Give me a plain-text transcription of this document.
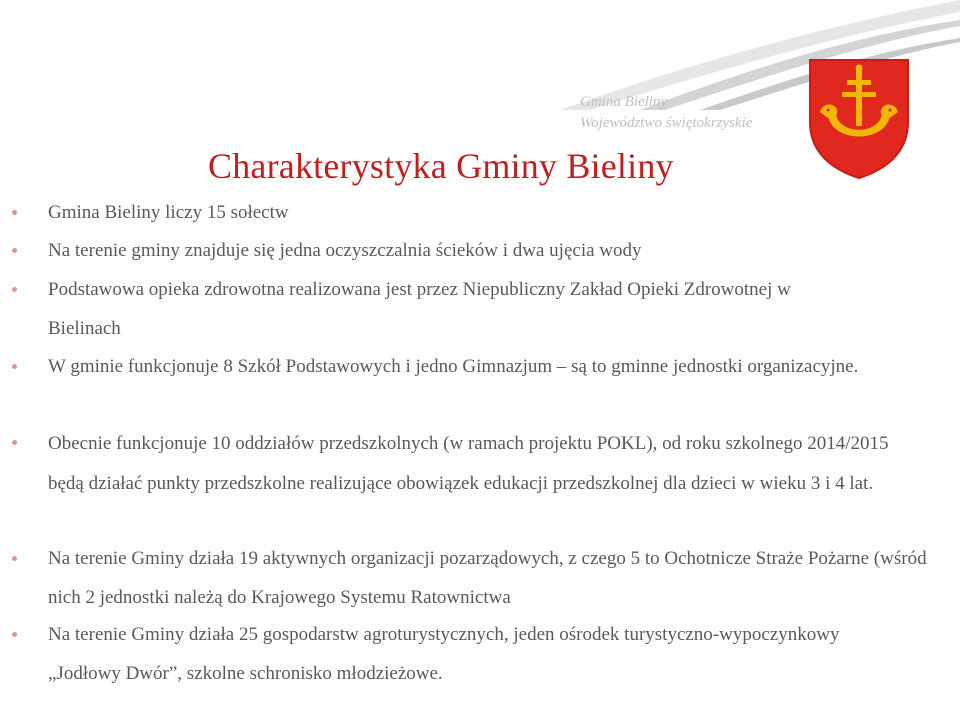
Gmina Bieliny
Województwo świętokrzyskie
Charakterystyka Gminy Bieliny
Gmina Bieliny liczy 15 sołectw
Na terenie gminy znajduje się jedna oczyszczalnia ścieków i dwa ujęcia wody
Podstawowa opieka zdrowotna realizowana jest przez Niepubliczny Zakład Opieki Zdrowotnej w Bielinach
W gminie funkcjonuje 8 Szkół Podstawowych i jedno Gimnazjum – są to gminne jednostki organizacyjne.
Obecnie funkcjonuje 10 oddziałów przedszkolnych (w ramach projektu POKL), od roku szkolnego 2014/2015 będą działać punkty przedszkolne realizujące obowiązek edukacji przedszkolnej dla dzieci w wieku 3 i 4 lat.
Na terenie Gminy działa 19 aktywnych organizacji pozarządowych, z czego 5 to Ochotnicze Straże Pożarne (wśród nich 2 jednostki należą do Krajowego Systemu Ratownictwa
Na terenie Gminy działa 25 gospodarstw agroturystycznych, jeden ośrodek turystyczno-wypoczynkowy „Jodłowy Dwór”, szkolne schronisko młodzieżowe.
